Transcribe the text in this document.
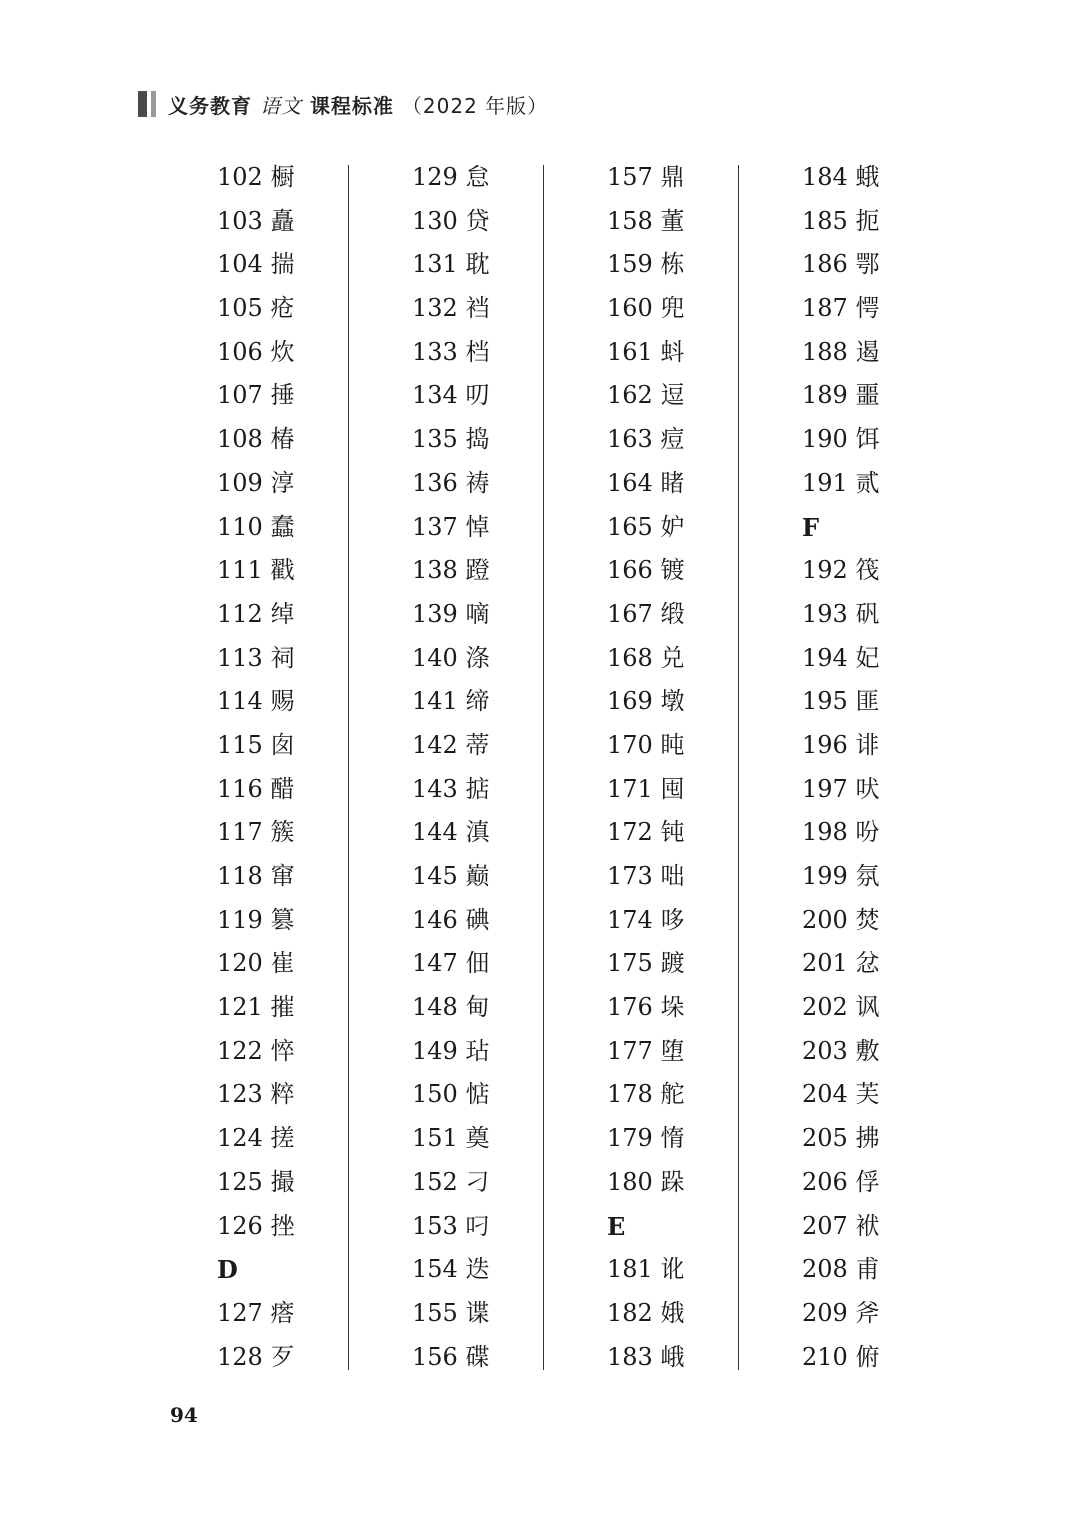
义务教育 语文 课程标准 （2022 年版）
102 橱
103 矗
104 揣
105 疮
106 炊
107 捶
108 椿
109 淳
110 蠢
111 戳
112 绰
113 祠
114 赐
115 囱
116 醋
117 簇
118 窜
119 篡
120 崔
121 摧
122 悴
123 粹
124 搓
125 撮
126 挫
D
127 瘩
128 歹
129 怠
130 贷
131 耽
132 裆
133 档
134 叨
135 捣
136 祷
137 悼
138 蹬
139 嘀
140 涤
141 缔
142 蒂
143 掂
144 滇
145 巅
146 碘
147 佃
148 甸
149 玷
150 惦
151 奠
152 刁
153 叼
154 迭
155 谍
156 碟
157 鼎
158 董
159 栋
160 兜
161 蚪
162 逗
163 痘
164 睹
165 妒
166 镀
167 缎
168 兑
169 墩
170 盹
171 囤
172 钝
173 咄
174 哆
175 踱
176 垛
177 堕
178 舵
179 惰
180 跺
E
181 讹
182 娥
183 峨
184 蛾
185 扼
186 鄂
187 愕
188 遏
189 噩
190 饵
191 贰
F
192 筏
193 矾
194 妃
195 匪
196 诽
197 吠
198 吩
199 氛
200 焚
201 忿
202 讽
203 敷
204 芙
205 拂
206 俘
207 袱
208 甫
209 斧
210 俯
94
